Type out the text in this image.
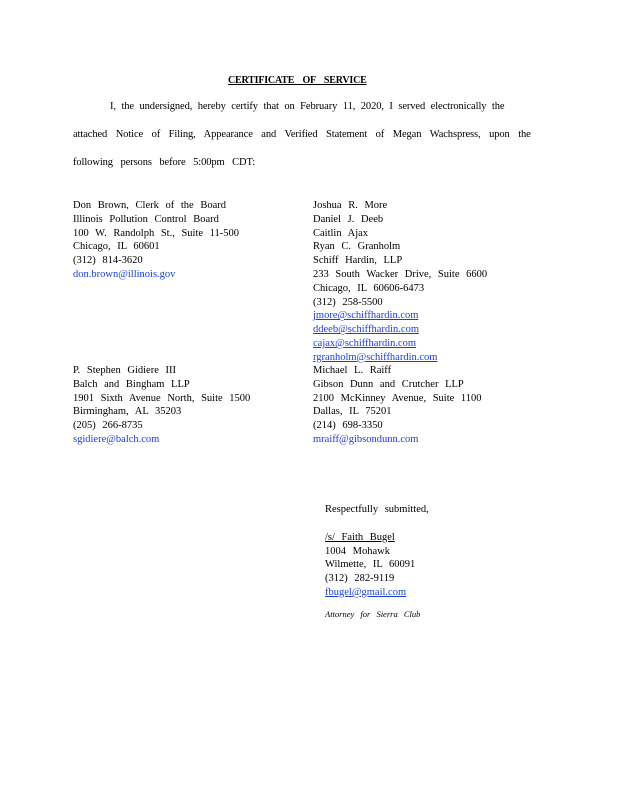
CERTIFICATE OF SERVICE
I, the undersigned, hereby certify that on February 11, 2020, I served electronically the
attached Notice of Filing, Appearance and Verified Statement of Megan Wachspress, upon the
following persons before 5:00pm CDT:
Don Brown, Clerk of the Board
Illinois Pollution Control Board
100 W. Randolph St., Suite 11-500
Chicago, IL 60601
(312) 814-3620
don.brown@illinois.gov
Joshua R. More
Daniel J. Deeb
Caitlin Ajax
Ryan C. Granholm
Schiff Hardin, LLP
233 South Wacker Drive, Suite 6600
Chicago, IL 60606-6473
(312) 258-5500
jmore@schiffhardin.com
ddeeb@schiffhardin.com
cajax@schiffhardin.com
rgranholm@schiffhardin.com
P. Stephen Gidiere III
Balch and Bingham LLP
1901 Sixth Avenue North, Suite 1500
Birmingham, AL 35203
(205) 266-8735
sgidiere@balch.com
Michael L. Raiff
Gibson Dunn and Crutcher LLP
2100 McKinney Avenue, Suite 1100
Dallas, IL 75201
(214) 698-3350
mraiff@gibsondunn.com
Respectfully submitted,
/s/ Faith Bugel
1004 Mohawk
Wilmette, IL 60091
(312) 282-9119
fbugel@gmail.com
Attorney for Sierra Club
